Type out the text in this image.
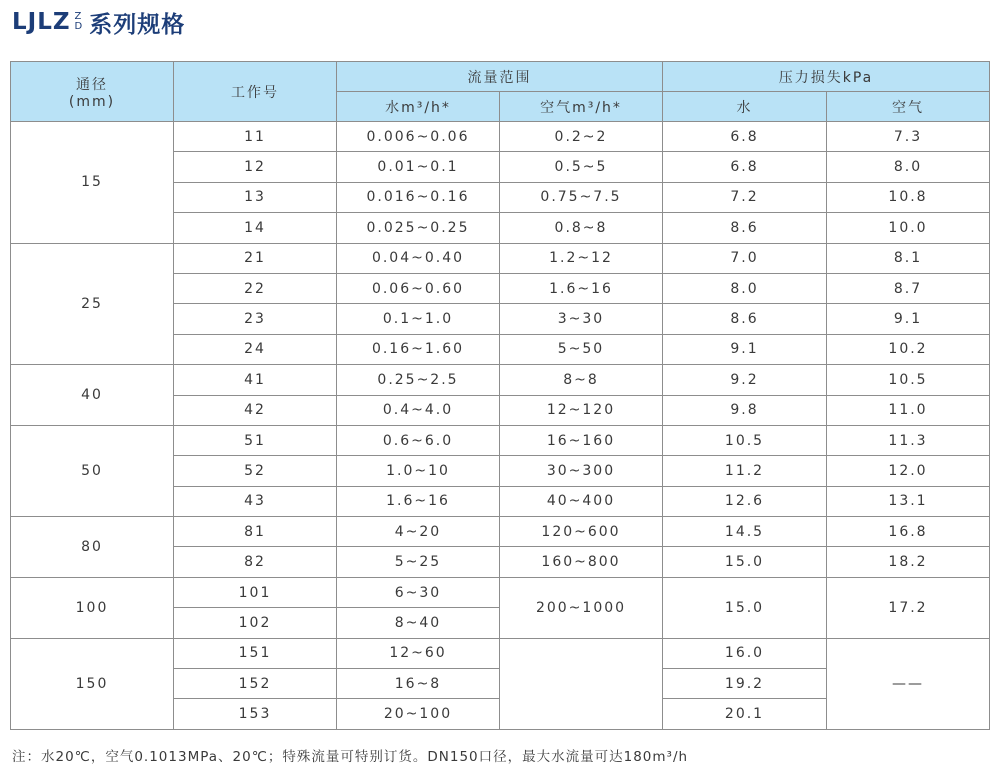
LJLZ Z
D 系列规格
通径
(mm)	工作号	流量范围		压力损失kPa	
		水m³/h*	空气m³/h*	水	空气
15	11	0.006~0.06	0.2~2	6.8	7.3
	12	0.01~0.1	0.5~5	6.8	8.0
	13	0.016~0.16	0.75~7.5	7.2	10.8
	14	0.025~0.25	0.8~8	8.6	10.0
25	21	0.04~0.40	1.2~12	7.0	8.1
	22	0.06~0.60	1.6~16	8.0	8.7
	23	0.1~1.0	3~30	8.6	9.1
	24	0.16~1.60	5~50	9.1	10.2
40	41	0.25~2.5	8~8	9.2	10.5
	42	0.4~4.0	12~120	9.8	11.0
50	51	0.6~6.0	16~160	10.5	11.3
	52	1.0~10	30~300	11.2	12.0
	43	1.6~16	40~400	12.6	13.1
80	81	4~20	120~600	14.5	16.8
	82	5~25	160~800	15.0	18.2
100	101	6~30	200~1000	15.0	17.2
	102	8~40			
150	151	12~60		16.0	——
	152	16~8		19.2	
	153	20~100		20.1	
注：水20℃，空气0.1013MPa、20℃；特殊流量可特别订货。DN150口径，最大水流量可达180m³/h
